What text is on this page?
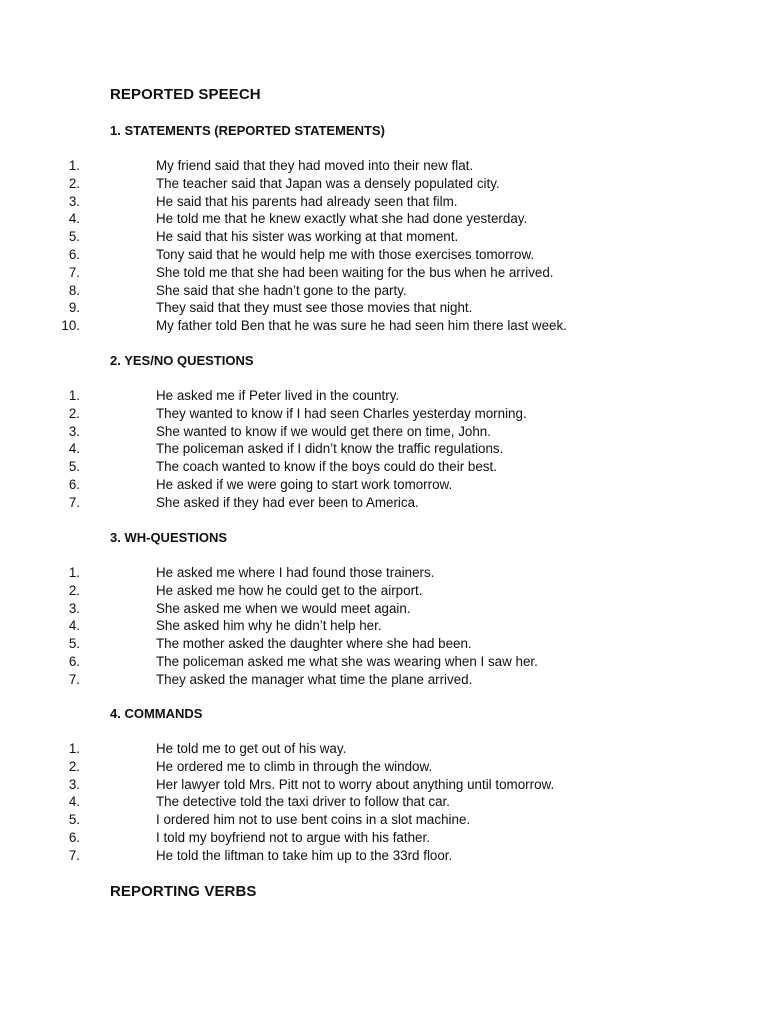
REPORTED SPEECH
1. STATEMENTS (REPORTED STATEMENTS)
1.	My friend said that they had moved into their new flat.
2.	The teacher said that Japan was a densely populated city.
3.	He said that his parents had already seen that film.
4.	He told me that he knew exactly what she had done yesterday.
5.	He said that his sister was working at that moment.
6.	Tony said that he would help me with those exercises tomorrow.
7.	She told me that she had been waiting for the bus when he arrived.
8.	She said that she hadn’t gone to the party.
9.	They said that they must see those movies that night.
10.	My father told Ben that he was sure he had seen him there last week.
2. YES/NO QUESTIONS
1.	He asked me if Peter lived in the country.
2.	They wanted to know if I had seen Charles yesterday morning.
3.	She wanted to know if we would get there on time, John.
4.	The policeman asked if I didn’t know the traffic regulations.
5.	The coach wanted to know if the boys could do their best.
6.	He asked if we were going to start work tomorrow.
7.	She asked if they had ever been to America.
3. WH-QUESTIONS
1.	He asked me where I had found those trainers.
2.	He asked me how he could get to the airport.
3.	She asked me when we would meet again.
4.	She asked him why he didn’t help her.
5.	The mother asked the daughter where she had been.
6.	The policeman asked me what she was wearing when I saw her.
7.	They asked the manager what time the plane arrived.
4. COMMANDS
1.	He told me to get out of his way.
2.	He ordered me to climb in through the window.
3.	Her lawyer told Mrs. Pitt not to worry about anything until tomorrow.
4.	The detective told the taxi driver to follow that car.
5.	I ordered him not to use bent coins in a slot machine.
6.	I told my boyfriend not to argue with his father.
7.	He told the liftman to take him up to the 33rd floor.
REPORTING VERBS
